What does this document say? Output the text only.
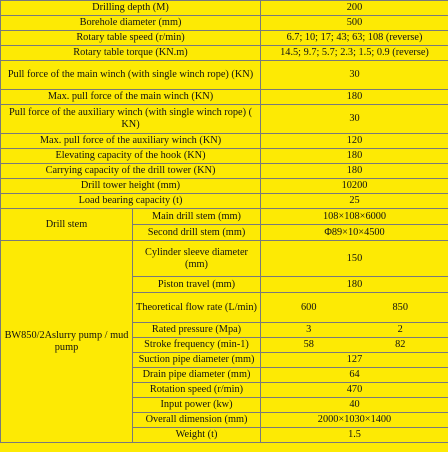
Drilling depth (M)		200
Borehole diameter (mm)		500
Rotary table speed (r/min)		6.7; 10; 17; 43; 63; 108 (reverse)
Rotary table torque (KN.m)		14.5; 9.7; 5.7; 2.3; 1.5; 0.9 (reverse)
Pull force of the main winch (with single winch rope) (KN)		30
Max. pull force of the main winch (KN)		180
Pull force of the auxiliary winch (with single winch rope) ( KN)		30
Max. pull force of the auxiliary winch (KN)		120
Elevating capacity of the hook (KN)		180
Carrying capacity of the drill tower (KN)		180
Drill tower height (mm)		10200
Load bearing capacity (t)		25
Drill stem	Main drill stem (mm)	108×108×6000
	Second drill stem (mm)	Φ89×10×4500
BW850/2Aslurry pump / mud pump	Cylinder sleeve diameter (mm)	150
	Piston travel (mm)	180
	Theoretical flow rate (L/min)	600 850

	Rated pressure (Mpa)	3 2

	Stroke frequency (min-1)	58 82

	Suction pipe diameter (mm)	127
	Drain pipe diameter (mm)	64
	Rotation speed (r/min)	470
	Input power (kw)	40
	Overall dimension (mm)	2000×1030×1400
	Weight (t)	1.5
